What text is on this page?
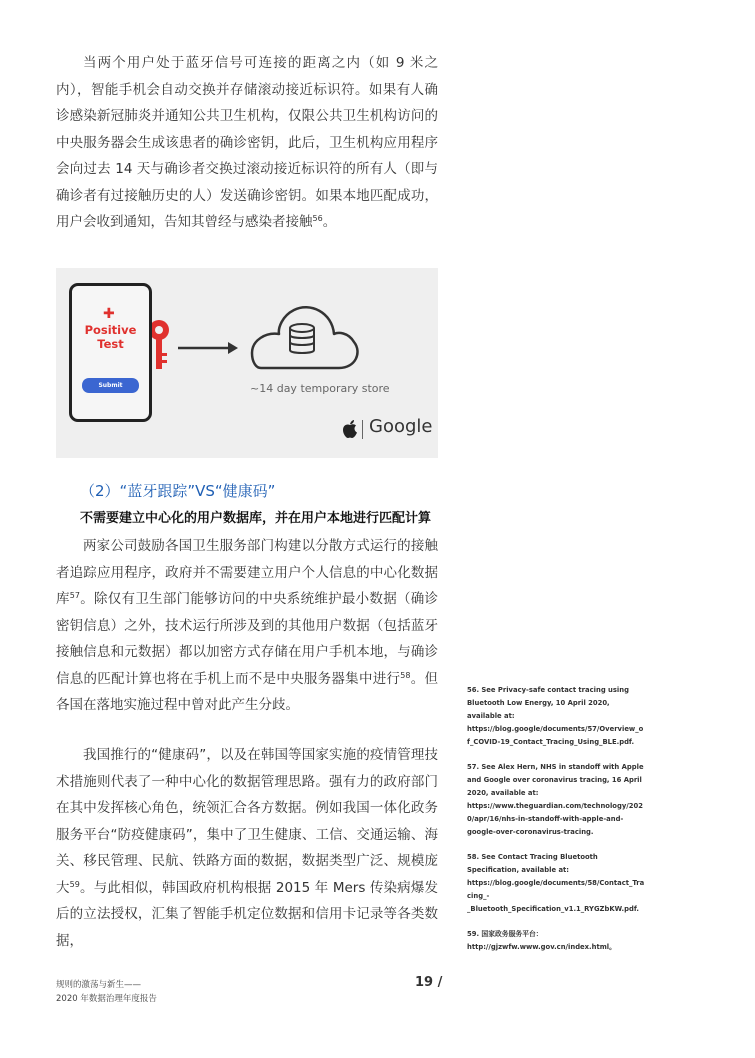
当两个用户处于蓝牙信号可连接的距离之内（如 9 米之内），智能手机会自动交换并存储滚动接近标识符。如果有人确诊感染新冠肺炎并通知公共卫生机构，仅限公共卫生机构访问的中央服务器会生成该患者的确诊密钥，此后，卫生机构应用程序会向过去 14 天与确诊者交换过滚动接近标识符的所有人（即与确诊者有过接触历史的人）发送确诊密钥。如果本地匹配成功，用户会收到通知，告知其曾经与感染者接触$^{56}$。

✚
Positive
Test
Submit	~14 day temporary store
Google
（2）“蓝牙跟踪”VS“健康码”
不需要建立中心化的用户数据库，并在用户本地进行匹配计算

两家公司鼓励各国卫生服务部门构建以分散方式运行的接触者追踪应用程序，政府并不需要建立用户个人信息的中心化数据库$^{57}$。除仅有卫生部门能够访问的中央系统维护最小数据（确诊密钥信息）之外，技术运行所涉及到的其他用户数据（包括蓝牙接触信息和元数据）都以加密方式存储在用户手机本地，与确诊信息的匹配计算也将在手机上而不是中央服务器集中进行$^{58}$。但各国在落地实施过程中曾对此产生分歧。

我国推行的“健康码”，以及在韩国等国家实施的疫情管理技术措施则代表了一种中心化的数据管理思路。强有力的政府部门在其中发挥核心角色，统领汇合各方数据。例如我国一体化政务服务平台“防疫健康码”，集中了卫生健康、工信、交通运输、海关、移民管理、民航、铁路方面的数据，数据类型广泛、规模庞大$^{59}$。与此相似，韩国政府机构根据 2015 年 Mers 传染病爆发后的立法授权，汇集了智能手机定位数据和信用卡记录等各类数据，

56. See Privacy-safe contact tracing using Bluetooth Low Energy, 10 April 2020, available at: https://blog.google/documents/57/Overview_of_COVID-19_Contact_Tracing_Using_BLE.pdf.

57. See Alex Hern, NHS in standoff with Apple and Google over coronavirus tracing, 16 April 2020, available at: https://www.theguardian.com/technology/2020/apr/16/nhs-in-standoff-with-apple-and-google-over-coronavirus-tracing.

58. See Contact Tracing Bluetooth Specification, available at: https://blog.google/documents/58/Contact_Tracing_-_Bluetooth_Specification_v1.1_RYGZbKW.pdf.

59. 国家政务服务平台：http://gjzwfw.www.gov.cn/index.html。

规则的激荡与新生——
2020 年数据治理年度报告
19 /
